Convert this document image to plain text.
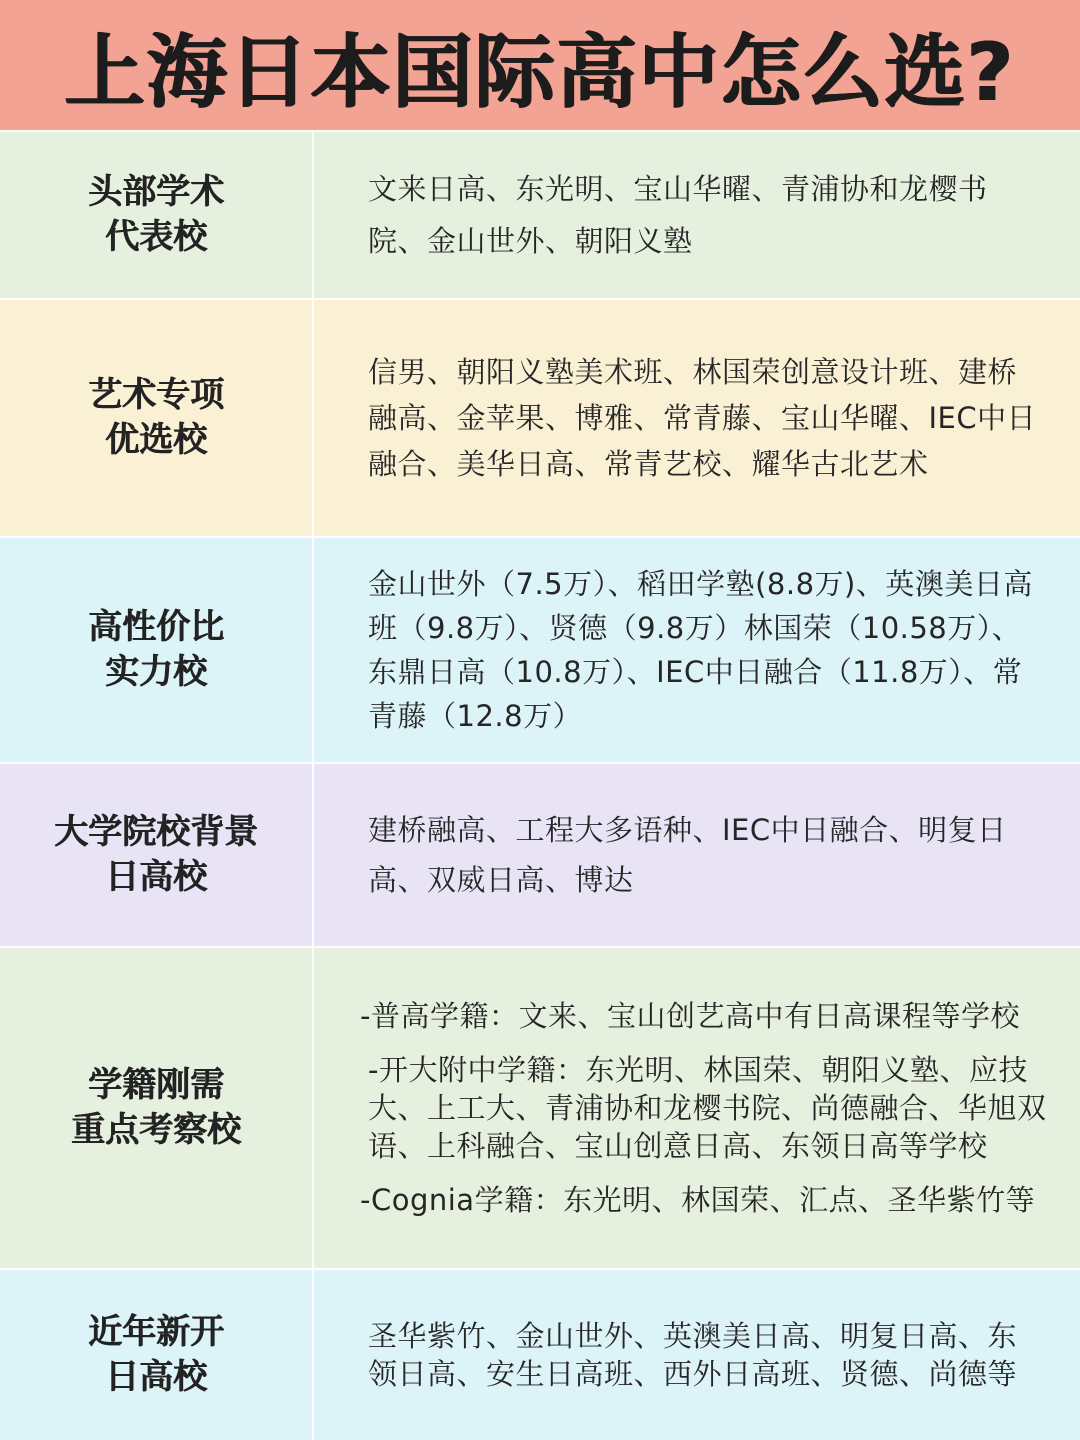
上海日本国际高中怎么选?
头部学术
代表校
文来日高、东光明、宝山华曜、青浦协和龙樱书院、金山世外、朝阳义塾
艺术专项
优选校
信男、朝阳义塾美术班、林国荣创意设计班、建桥融高、金苹果、博雅、常青藤、宝山华曜、IEC中日融合、美华日高、常青艺校、耀华古北艺术
高性价比
实力校
金山世外（7.5万）、稻田学塾(8.8万)、英澳美日高班（9.8万）、贤德（9.8万）林国荣（10.58万）、东鼎日高（10.8万）、IEC中日融合（11.8万）、常青藤（12.8万）
大学院校背景
日高校
建桥融高、工程大多语种、IEC中日融合、明复日高、双威日高、博达
学籍刚需
重点考察校
-普高学籍：文来、宝山创艺高中有日高课程等学校
-开大附中学籍：东光明、林国荣、朝阳义塾、应技大、上工大、青浦协和龙樱书院、尚德融合、华旭双语、上科融合、宝山创意日高、东领日高等学校
-Cognia学籍：东光明、林国荣、汇点、圣华紫竹等
近年新开
日高校
圣华紫竹、金山世外、英澳美日高、明复日高、东领日高、安生日高班、西外日高班、贤德、尚德等
